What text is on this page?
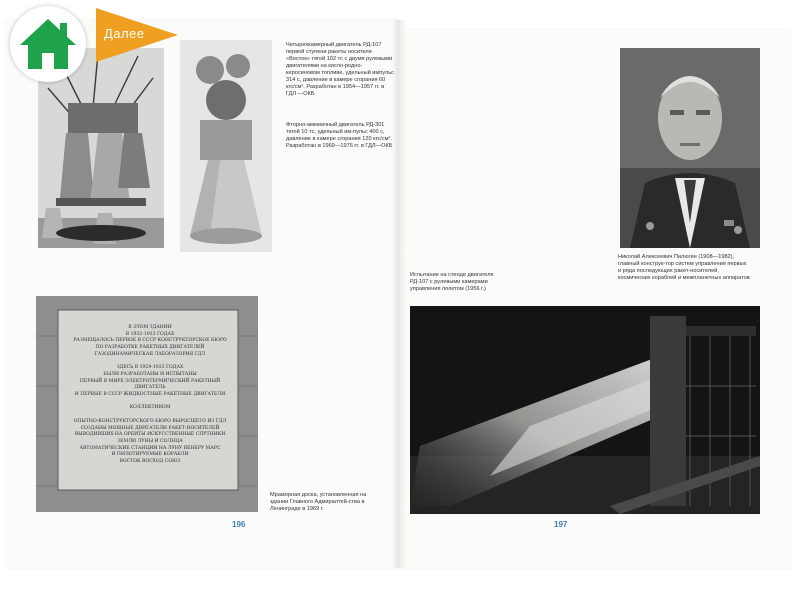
Четырехкамерный двигатель РД-107 первой ступени ракеты носителя «Восток» тягой 102 тс с двумя рулевыми двигателями на кисло-родно-керосиновом топливе, удельный импульс 314 с, давление в камере сгорания 60 кгс/см². Разработан в 1954—1957 гг. в ГДЛ —ОКБ
Фторно-аммиачный двигатель РД-301 тягой 10 тс, удельный им-пульс 400 с, давление в камере сгорания 120 кгс/см². Разработан в 1969—1976 гг. в ГДЛ—ОКБ
В ЭТОМ ЗДАНИИ
В 1932-1933 ГОДАХ
РАЗМЕЩАЛОСЬ ПЕРВОЕ В СССР КОНСТРУКТОРСКОЕ БЮРО
ПО РАЗРАБОТКЕ РАКЕТНЫХ ДВИГАТЕЛЕЙ
ГАЗОДИНАМИЧЕСКАЯ ЛАБОРАТОРИЯ ГДЛ

ЗДЕСЬ В 1929-1933 ГОДАХ
БЫЛИ РАЗРАБОТАНЫ И ИСПЫТАНЫ
ПЕРВЫЙ В МИРЕ ЭЛЕКТРОТЕРМИЧЕСКИЙ РАКЕТНЫЙ ДВИГАТЕЛЬ
И ПЕРВЫЕ В СССР ЖИДКОСТНЫЕ РАКЕТНЫЕ ДВИГАТЕЛИ

КОЛЛЕКТИВОМ

ОПЫТНО-КОНСТРУКТОРСКОГО БЮРО ВЫРОСШЕГО ИЗ ГДЛ
СОЗДАНЫ МОЩНЫЕ ДВИГАТЕЛИ РАКЕТ-НОСИТЕЛЕЙ
ВЫВОДИВШИХ НА ОРБИТЫ ИСКУССТВЕННЫЕ СПУТНИКИ
ЗЕМЛИ ЛУНЫ И СОЛНЦА
АВТОМАТИЧЕСКИЕ СТАНЦИИ НА ЛУНУ ВЕНЕРУ МАРС
И ПИЛОТИРУЕМЫЕ КОРАБЛИ
ВОСТОК ВОСХОД СОЮЗ
Мраморная доска, установленная на здании Главного Адмиралтей-ства в Ленинграде в 1969 г.
196
Николай Алексеевич Пилюгин (1908—1982), главный конструк-тор систем управления первых и ряда последующих ракет-носителей, космических кораблей и межпланетных аппаратов
Испытание на стенде двигателя РД-107 с рулевыми камерами управления полетом (1956 г.)
197
Далее
